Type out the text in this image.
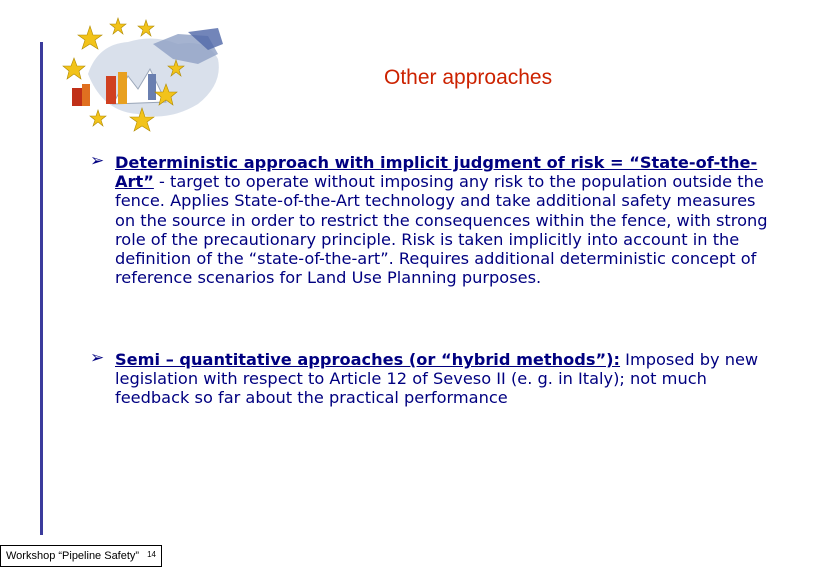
Other approaches
➢ Deterministic approach with implicit judgment of risk = “State-of-the-Art” - target to operate without imposing any risk to the population outside the fence. Applies State-of-the-Art technology and take additional safety measures on the source in order to restrict the consequences within the fence, with strong role of the precautionary principle. Risk is taken implicitly into account in the definition of the “state-of-the-art”. Requires additional deterministic concept of reference scenarios for Land Use Planning purposes.
➢ Semi – quantitative approaches (or “hybrid methods”): Imposed by new legislation with respect to Article 12 of Seveso II (e. g. in Italy); not much feedback so far about the practical performance
Workshop “Pipeline Safety” 14
